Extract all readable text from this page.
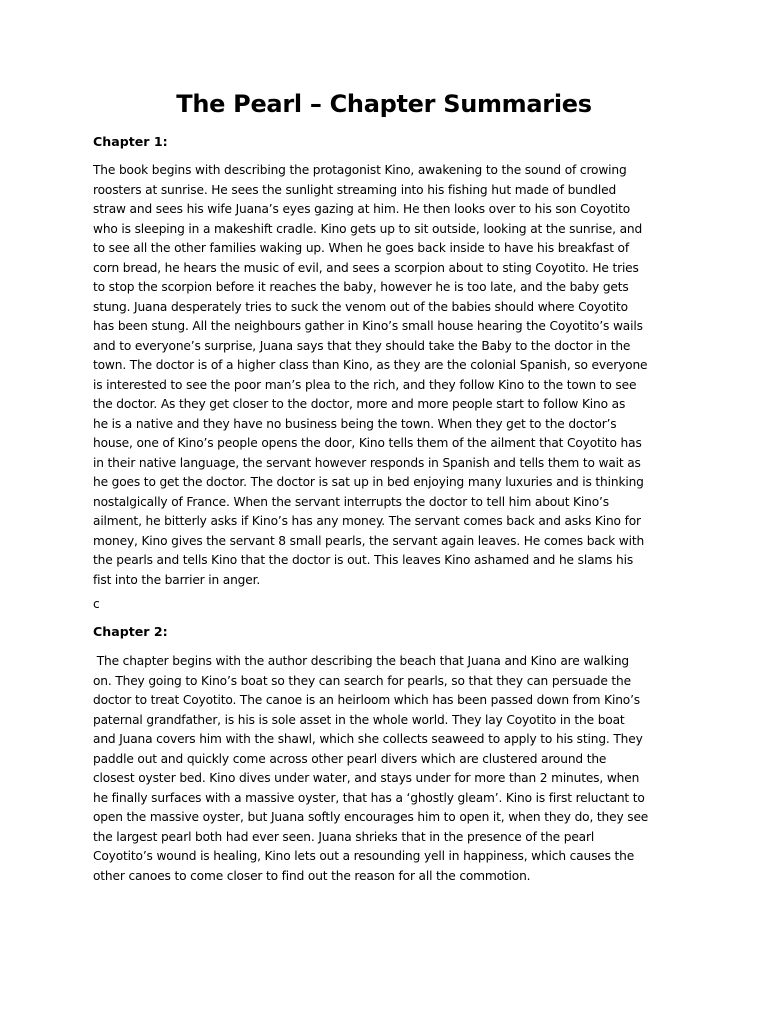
The Pearl – Chapter Summaries
Chapter 1:
The book begins with describing the protagonist Kino, awakening to the sound of crowing
roosters at sunrise. He sees the sunlight streaming into his fishing hut made of bundled
straw and sees his wife Juana’s eyes gazing at him. He then looks over to his son Coyotito
who is sleeping in a makeshift cradle. Kino gets up to sit outside, looking at the sunrise, and
to see all the other families waking up. When he goes back inside to have his breakfast of
corn bread, he hears the music of evil, and sees a scorpion about to sting Coyotito. He tries
to stop the scorpion before it reaches the baby, however he is too late, and the baby gets
stung. Juana desperately tries to suck the venom out of the babies should where Coyotito
has been stung. All the neighbours gather in Kino’s small house hearing the Coyotito’s wails
and to everyone’s surprise, Juana says that they should take the Baby to the doctor in the
town. The doctor is of a higher class than Kino, as they are the colonial Spanish, so everyone
is interested to see the poor man’s plea to the rich, and they follow Kino to the town to see
the doctor. As they get closer to the doctor, more and more people start to follow Kino as
he is a native and they have no business being the town. When they get to the doctor’s
house, one of Kino’s people opens the door, Kino tells them of the ailment that Coyotito has
in their native language, the servant however responds in Spanish and tells them to wait as
he goes to get the doctor. The doctor is sat up in bed enjoying many luxuries and is thinking
nostalgically of France. When the servant interrupts the doctor to tell him about Kino’s
ailment, he bitterly asks if Kino’s has any money. The servant comes back and asks Kino for
money, Kino gives the servant 8 small pearls, the servant again leaves. He comes back with
the pearls and tells Kino that the doctor is out. This leaves Kino ashamed and he slams his
fist into the barrier in anger.

c

Chapter 2:
The chapter begins with the author describing the beach that Juana and Kino are walking
on. They going to Kino’s boat so they can search for pearls, so that they can persuade the
doctor to treat Coyotito. The canoe is an heirloom which has been passed down from Kino’s
paternal grandfather, is his is sole asset in the whole world. They lay Coyotito in the boat
and Juana covers him with the shawl, which she collects seaweed to apply to his sting. They
paddle out and quickly come across other pearl divers which are clustered around the
closest oyster bed. Kino dives under water, and stays under for more than 2 minutes, when
he finally surfaces with a massive oyster, that has a ‘ghostly gleam’. Kino is first reluctant to
open the massive oyster, but Juana softly encourages him to open it, when they do, they see
the largest pearl both had ever seen. Juana shrieks that in the presence of the pearl
Coyotito’s wound is healing, Kino lets out a resounding yell in happiness, which causes the
other canoes to come closer to find out the reason for all the commotion.
